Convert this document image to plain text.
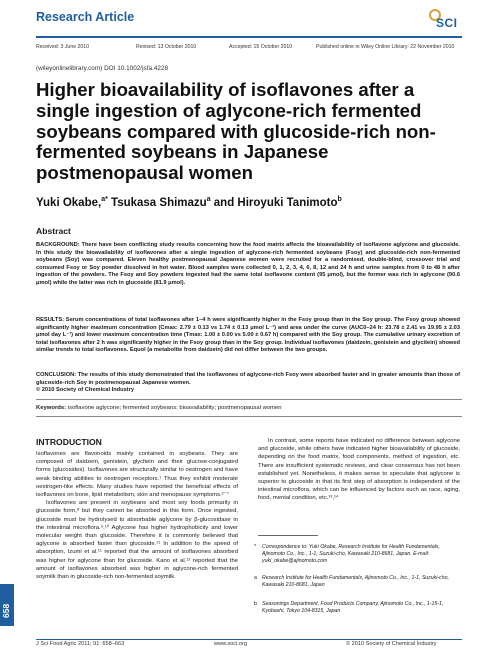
Research Article	SCI
Received: 3 June 2010	Revised: 13 October 2010	Accepted: 15 October 2010	Published online in Wiley Online Library: 22 November 2010
(wileyonlinelibrary.com) DOI 10.1002/jsfa.4228
Higher bioavailability of isoflavones after a single ingestion of aglycone-rich fermented soybeans compared with glucoside-rich non-fermented soybeans in Japanese postmenopausal women
Yuki Okabe,$^{a*}$ Tsukasa Shimazu$^a$ and Hiroyuki Tanimoto$^b$
Abstract
BACKGROUND: There have been conflicting study results concerning how the food matrix affects the bioavailability of isoflavone aglycone and glucoside. In this study the bioavailability of isoflavones after a single ingestion of aglycone-rich fermented soybeans (Fsoy) and glucoside-rich non-fermented soybeans (Soy) was compared. Eleven healthy postmenopausal Japanese women were recruited for a randomised, double-blind, crossover trial and consumed Fsoy or Soy powder dissolved in hot water. Blood samples were collected 0, 1, 2, 3, 4, 6, 8, 12 and 24 h and urine samples from 0 to 48 h after ingestion of the powders. The Fsoy and Soy powders ingested had the same total isoflavone content (95 μmol), but the former was rich in aglycone (90.6 μmol) while the latter was rich in glucoside (81.9 μmol).
RESULTS: Serum concentrations of total isoflavones after 1–4 h were significantly higher in the Fsoy group than in the Soy group. The Fsoy group showed significantly higher maximum concentration (Cmax: 2.79 ± 0.13 vs 1.74 ± 0.13 μmol L⁻¹) and area under the curve (AUC0–24 h: 23.78 ± 2.41 vs 19.95 ± 2.03 μmol day L⁻¹) and lower maximum concentration time (Tmax: 1.00 ± 0.00 vs 5.00 ± 0.67 h) compared with the Soy group. The cumulative urinary excretion of total isoflavones after 2 h was significantly higher in the Fsoy group than in the Soy group. Individual isoflavones (daidzein, genistein and glycitein) showed similar trends to total isoflavones. Equol (a metabolite from daidzein) did not differ between the two groups.
CONCLUSION: The results of this study demonstrated that the isoflavones of aglycone-rich Fsoy were absorbed faster and in greater amounts than those of glucoside-rich Soy in postmenopausal Japanese women.
© 2010 Society of Chemical Industry
Keywords: isoflavone aglycone; fermented soybeans; bioavailability; postmenopausal women
INTRODUCTION

Isoflavones are flavonoids mainly contained in soybeans. They are composed of daidzein, genistein, glycitein and their glucose-conjugated forms (glucosides). Isoflavones are structurally similar to oestrogen and have weak binding abilities to oestrogen receptors.¹ Thus they exhibit moderate oestrogen-like effects. Many studies have reported the beneficial effects of isoflavones on bone, lipid metabolism, skin and menopause symptoms.²⁻⁷

Isoflavones are present in soybeans and most soy foods primarily in glucoside form,⁸ but they cannot be absorbed in this form. Once ingested, glucoside must be hydrolysed to absorbable aglycone by β-glucosidase in the intestinal microflora.⁹,¹⁰ Aglycone has higher hydrophobicity and lower molecular weight than glucoside. Therefore it is commonly believed that aglycone is absorbed faster than glucoside.¹¹ In addition to the speed of absorption, Izumi et al.¹¹ reported that the amount of isoflavones absorbed was higher for aglycone than for glucoside. Kano et al.¹² reported that the amount of isoflavones absorbed was higher in aglycone-rich fermented soymilk than in glucoside-rich non-fermented soymilk.

In contrast, some reports have indicated no difference between aglycone and glucoside, while others have indicated higher bioavailability of glucoside, depending on the food matrix, food components, method of ingestion, etc. There are insufficient systematic reviews, and clear consensus has not been established yet. Nonetheless, it makes sense to speculate that aglycone is superior to glucoside in that its first step of absorption is independent of the intestinal microflora, which can be influenced by factors such as race, aging, food, mental condition, etc.¹³,¹⁴

* Correspondence to: Yuki Okabe, Research Institute for Health Fundamentals, Ajinomoto Co., Inc., 1-1, Suzuki-cho, Kawasaki 210-8681, Japan. E-mail: yuki_okabe@ajinomoto.com
a Research Institute for Health Fundamentals, Ajinomoto Co., Inc., 1-1, Suzuki-cho, Kawasaki 210-8681, Japan
b Seasonings Department, Food Products Company, Ajinomoto Co., Inc., 1-15-1, Kyobashi, Tokyo 104-8315, Japan
658
J Sci Food Agric 2011; 91: 658–663	www.soci.org	© 2010 Society of Chemical Industry
